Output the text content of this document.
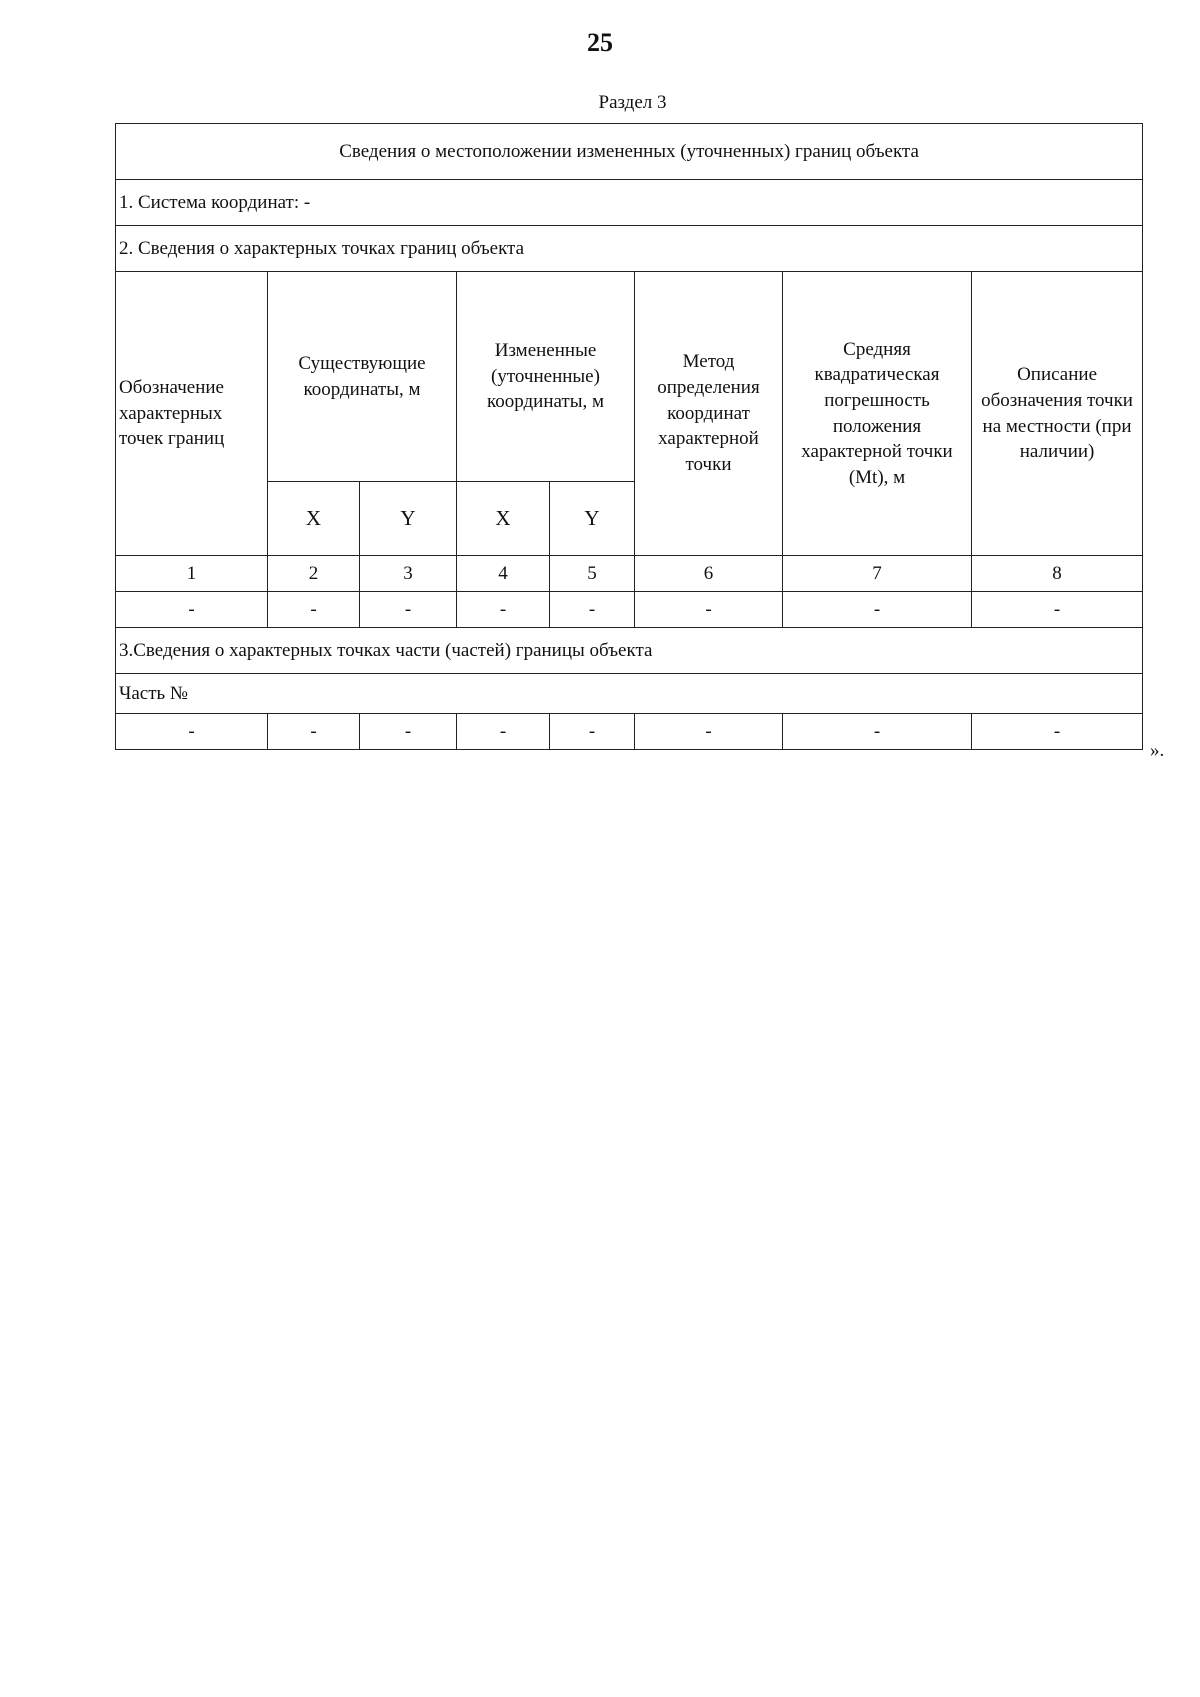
25
Раздел 3
Сведения о местоположении измененных (уточненных) границ объекта							
1. Система координат: -							
2. Сведения о характерных точках границ объекта							
Обозначение характерных точек границ	Существующие координаты, м		Измененные (уточненные) координаты, м		Метод определения координат характерной точки	Средняя квадратическая погрешность положения характерной точки (Mt), м	Описание обозначения точки на местности (при наличии)
	X	Y	X	Y			
1	2	3	4	5	6	7	8
-	-	-	-	-	-	-	-
3.Сведения о характерных точках части (частей) границы объекта							
Часть №							
-	-	-	-	-	-	-	-
».
